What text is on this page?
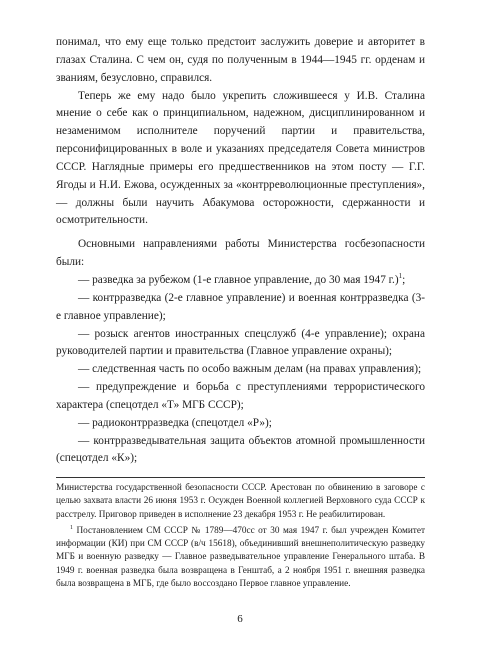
понимал, что ему еще только предстоит заслужить доверие и авторитет в глазах Сталина. С чем он, судя по полученным в 1944—1945 гг. орденам и званиям, безусловно, справился.

Теперь же ему надо было укрепить сложившееся у И.В. Сталина мнение о себе как о принципиальном, надежном, дисциплинированном и незаменимом исполнителе поручений партии и правительства, персонифицированных в воле и указаниях председателя Совета министров СССР. Наглядные примеры его предшественников на этом посту — Г.Г. Ягоды и Н.И. Ежова, осужденных за «контрреволюционные преступления», — должны были научить Абакумова осторожности, сдержанности и осмотрительности.

Основными направлениями работы Министерства госбезопасности были:

— разведка за рубежом (1-е главное управление, до 30 мая 1947 г.)$^1$;

— контрразведка (2-е главное управление) и военная контрразведка (3-е главное управление);

— розыск агентов иностранных спецслужб (4-е управление); охрана руководителей партии и правительства (Главное управление охраны);

— следственная часть по особо важным делам (на правах управления);

— предупреждение и борьба с преступлениями террористического характера (спецотдел «Т» МГБ СССР);

— радиоконтрразведка (спецотдел «Р»);

— контрразведывательная защита объектов атомной промышленности (спецотдел «К»);

Министерства государственной безопасности СССР. Арестован по обвинению в заговоре с целью захвата власти 26 июня 1953 г. Осужден Военной коллегией Верховного суда СССР к расстрелу. Приговор приведен в исполнение 23 декабря 1953 г. Не реабилитирован.

$^1$ Постановлением СМ СССР № 1789—470сс от 30 мая 1947 г. был учрежден Комитет информации (КИ) при СМ СССР (в/ч 15618), объединивший внешнеполитическую разведку МГБ и военную разведку — Главное разведывательное управление Генерального штаба. В 1949 г. военная разведка была возвращена в Генштаб, а 2 ноября 1951 г. внешняя разведка была возвращена в МГБ, где было воссоздано Первое главное управление.

6
